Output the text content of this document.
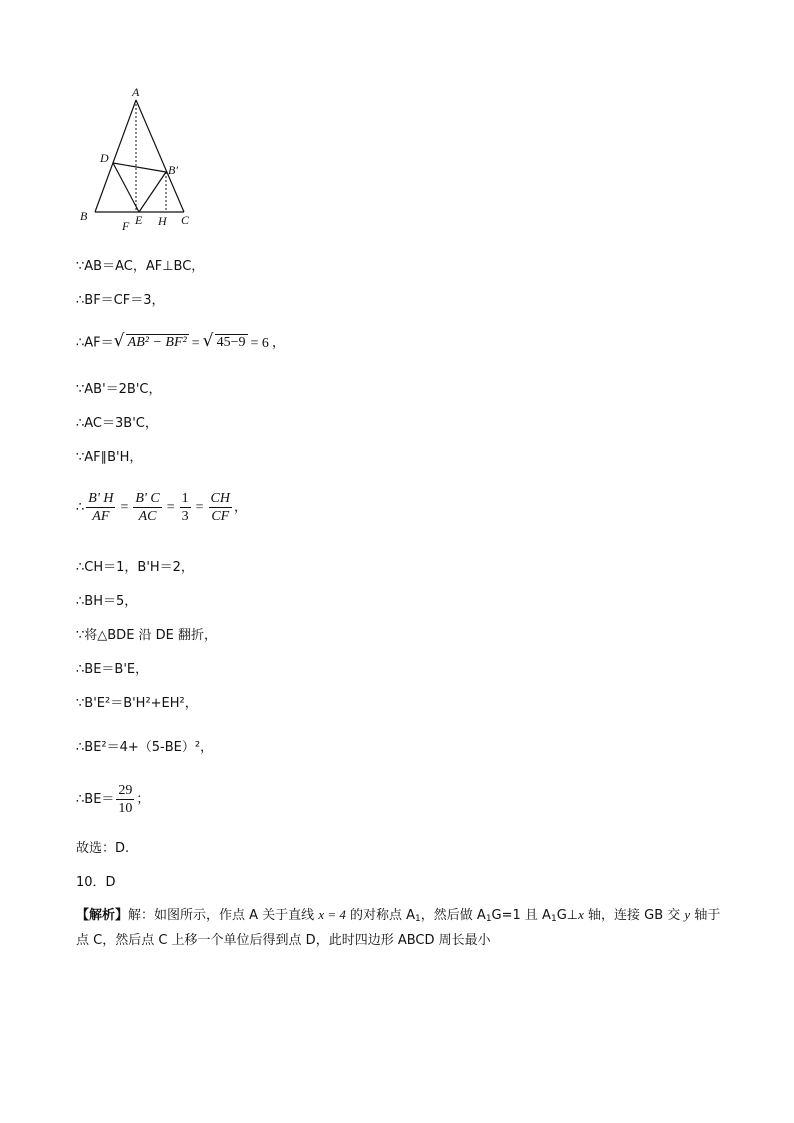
A
D
B′
B	E
F H C
∵AB＝AC，AF⊥BC，
∴BF＝CF＝3，
∴AF＝ √ AB² − BF² = √ 45−9 = 6 ，
∵AB'＝2B'C，
∴AC＝3B'C，
∵AF∥B'H，
∴ $\frac{B' H}{AF} = \frac{B' C}{AC} = \frac{1}{3} = \frac{CH}{CF}$ ，
∴CH＝1，B'H＝2，
∴BH＝5，
∵将△BDE 沿 DE 翻折，
∴BE＝B'E，
∵B'E²＝B'H²+EH²，
∴BE²＝4+（5-BE）²，
∴BE＝ $\frac{29}{10}$ ；
故选：D.
10．D
【解析】解：如图所示，作点 A 关于直线 x = 4 的对称点 $A_1$，然后做 $A_1G=1$ 且 $A_1G\perp x$ 轴，连接 GB 交 y 轴于点 C，然后点 C 上移一个单位后得到点 D，此时四边形 ABCD 周长最小
